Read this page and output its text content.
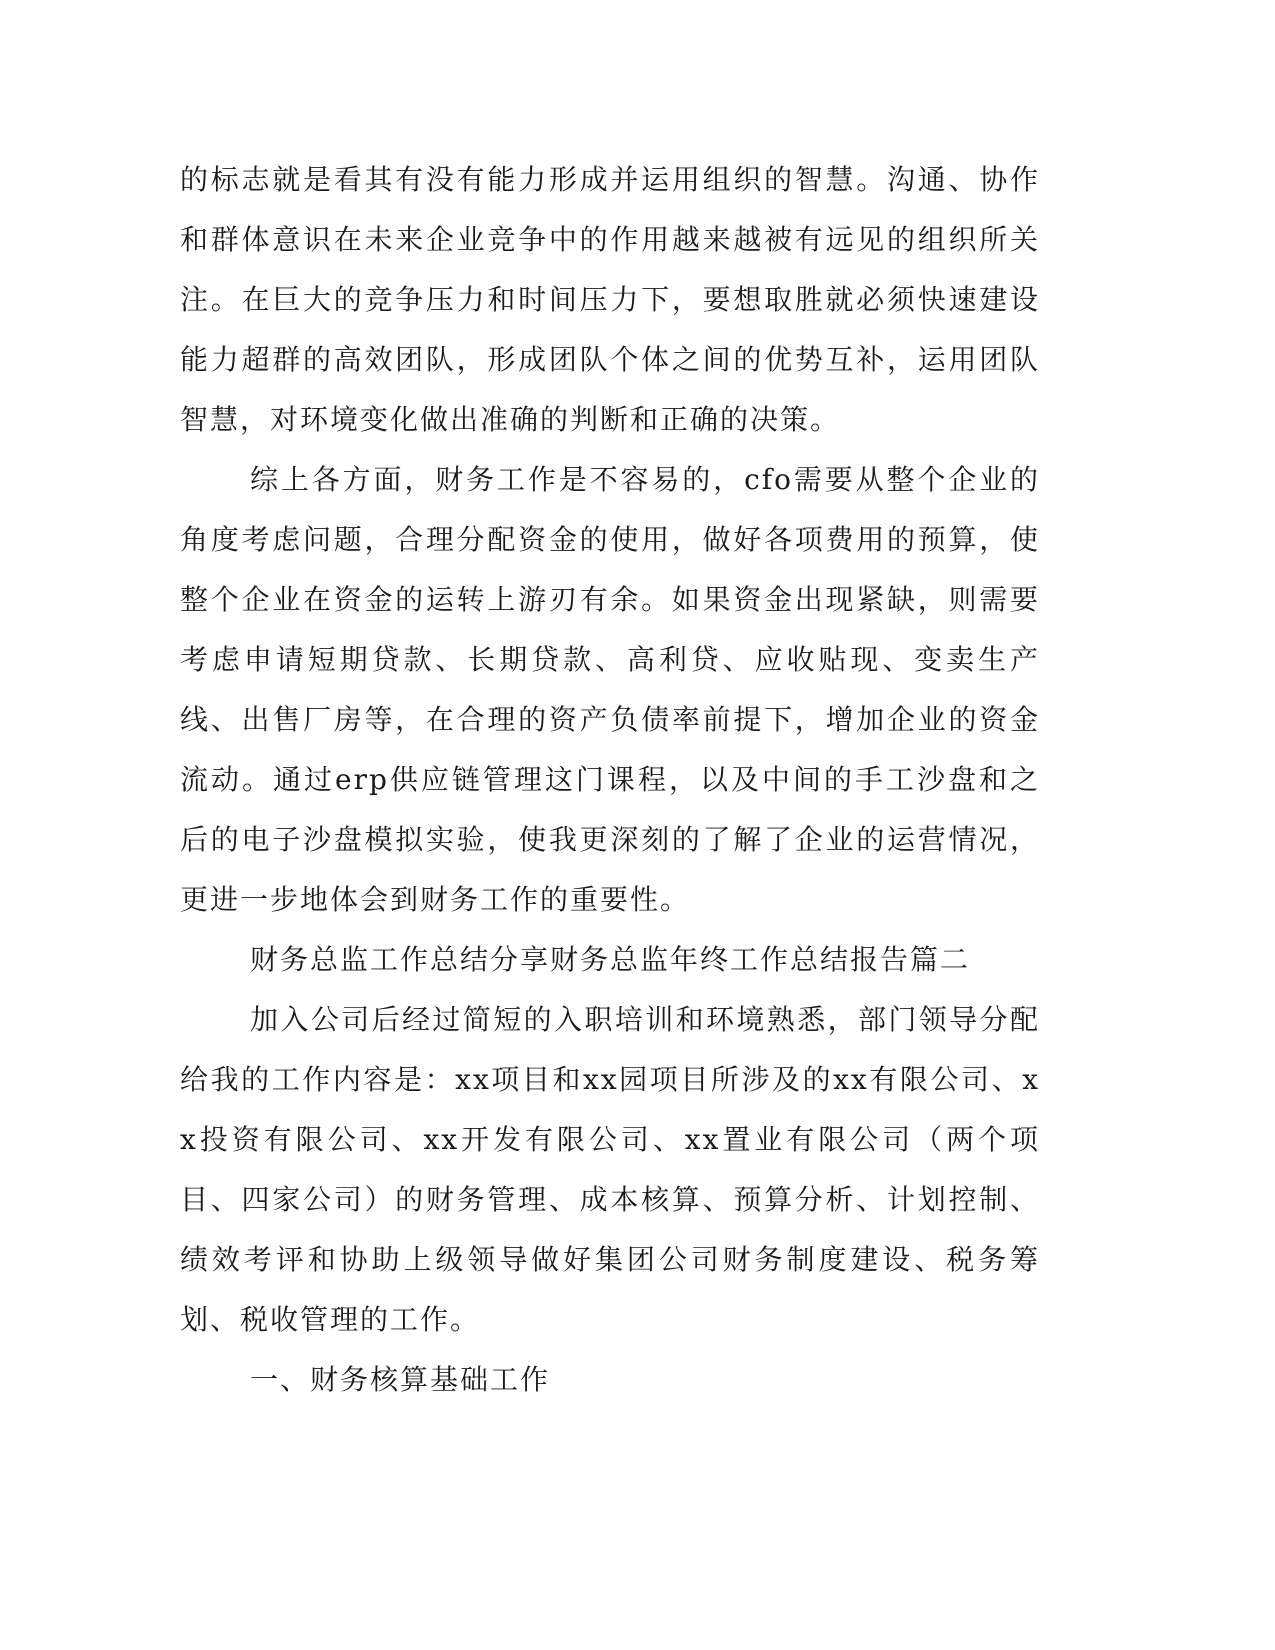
的标志就是看其有没有能力形成并运用组织的智慧。沟通、协作和群体意识在未来企业竞争中的作用越来越被有远见的组织所关注。在巨大的竞争压力和时间压力下，要想取胜就必须快速建设能力超群的高效团队，形成团队个体之间的优势互补，运用团队智慧，对环境变化做出准确的判断和正确的决策。

综上各方面，财务工作是不容易的，cfo需要从整个企业的角度考虑问题，合理分配资金的使用，做好各项费用的预算，使整个企业在资金的运转上游刃有余。如果资金出现紧缺，则需要考虑申请短期贷款、长期贷款、高利贷、应收贴现、变卖生产线、出售厂房等，在合理的资产负债率前提下，增加企业的资金流动。通过erp供应链管理这门课程，以及中间的手工沙盘和之后的电子沙盘模拟实验，使我更深刻的了解了企业的运营情况，更进一步地体会到财务工作的重要性。

财务总监工作总结分享财务总监年终工作总结报告篇二

加入公司后经过简短的入职培训和环境熟悉，部门领导分配给我的工作内容是：xx项目和xx园项目所涉及的xx有限公司、xx投资有限公司、xx开发有限公司、xx置业有限公司（两个项目、四家公司）的财务管理、成本核算、预算分析、计划控制、绩效考评和协助上级领导做好集团公司财务制度建设、税务筹划、税收管理的工作。

一、财务核算基础工作
